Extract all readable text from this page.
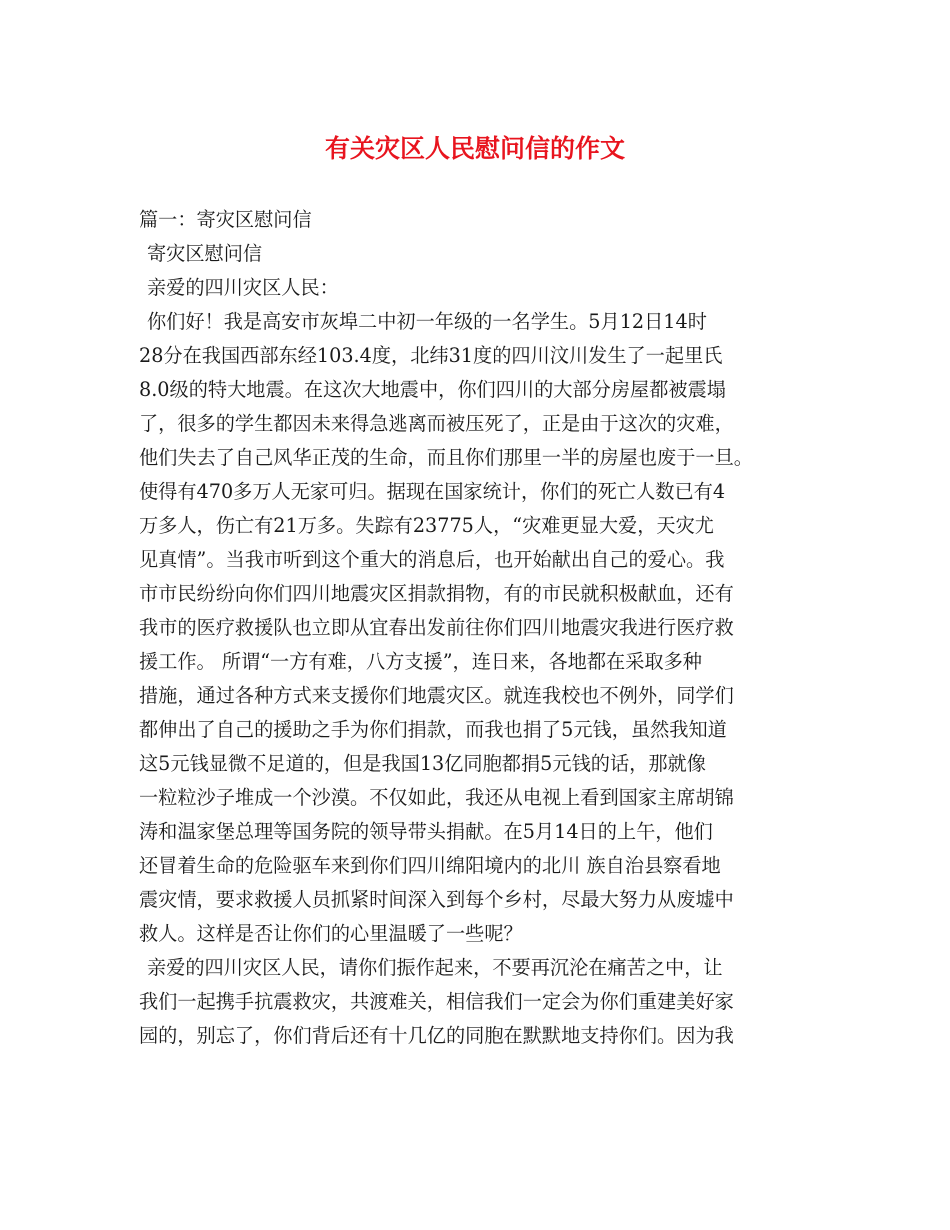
有关灾区人民慰问信的作文
篇一：寄灾区慰问信
寄灾区慰问信
亲爱的四川灾区人民：
你们好！我是高安市灰埠二中初一年级的一名学生。5月12日14时
28分在我国西部东经103.4度，北纬31度的四川汶川发生了一起里氏
8.0级的特大地震。在这次大地震中，你们四川的大部分房屋都被震塌
了，很多的学生都因未来得急逃离而被压死了，正是由于这次的灾难，
他们失去了自己风华正茂的生命，而且你们那里一半的房屋也废于一旦。
使得有470多万人无家可归。据现在国家统计，你们的死亡人数已有4
万多人，伤亡有21万多。失踪有23775人，“灾难更显大爱，天灾尤
见真情”。当我市听到这个重大的消息后，也开始献出自己的爱心。我
市市民纷纷向你们四川地震灾区捐款捐物，有的市民就积极献血，还有
我市的医疗救援队也立即从宜春出发前往你们四川地震灾我进行医疗救
援工作。 所谓“一方有难，八方支援”，连日来，各地都在采取多种
措施，通过各种方式来支援你们地震灾区。就连我校也不例外，同学们
都伸出了自己的援助之手为你们捐款，而我也捐了5元钱，虽然我知道
这5元钱显微不足道的，但是我国13亿同胞都捐5元钱的话，那就像
一粒粒沙子堆成一个沙漠。不仅如此，我还从电视上看到国家主席胡锦
涛和温家堡总理等国务院的领导带头捐献。在5月14日的上午，他们
还冒着生命的危险驱车来到你们四川绵阳境内的北川 族自治县察看地
震灾情，要求救援人员抓紧时间深入到每个乡村，尽最大努力从废墟中
救人。这样是否让你们的心里温暖了一些呢？
亲爱的四川灾区人民，请你们振作起来，不要再沉沦在痛苦之中，让
我们一起携手抗震救灾，共渡难关，相信我们一定会为你们重建美好家
园的，别忘了，你们背后还有十几亿的同胞在默默地支持你们。因为我
